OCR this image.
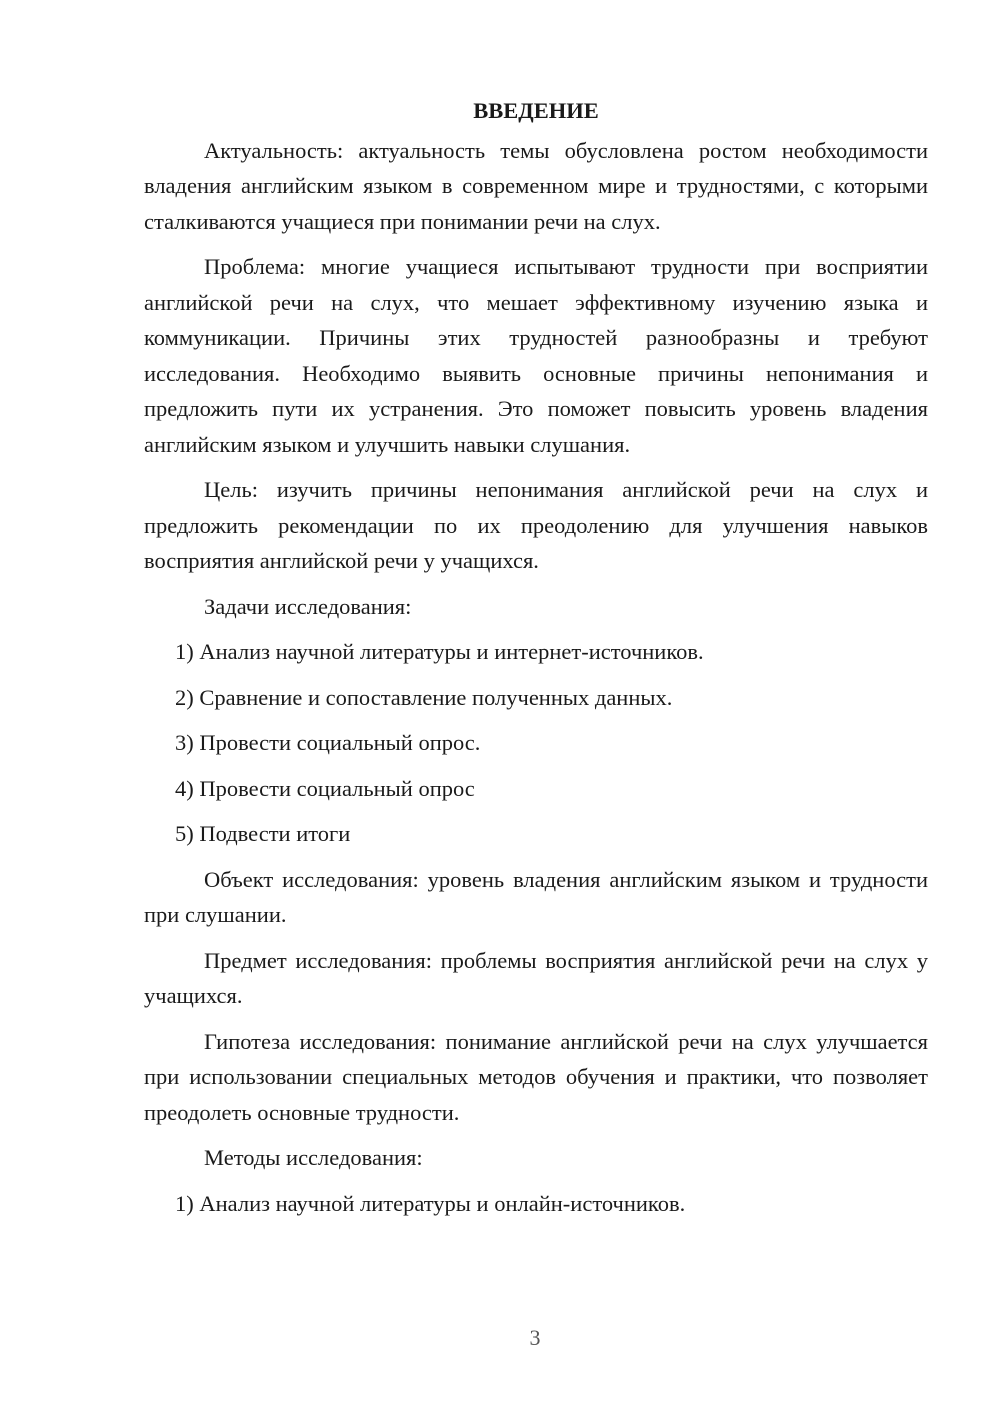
ВВЕДЕНИЕ

Актуальность: актуальность темы обусловлена ростом необходимости владения английским языком в современном мире и трудностями, с которыми сталкиваются учащиеся при понимании речи на слух.

Проблема: многие учащиеся испытывают трудности при восприятии английской речи на слух, что мешает эффективному изучению языка и коммуникации. Причины этих трудностей разнообразны и требуют исследования. Необходимо выявить основные причины непонимания и предложить пути их устранения. Это поможет повысить уровень владения английским языком и улучшить навыки слушания.

Цель: изучить причины непонимания английской речи на слух и предложить рекомендации по их преодолению для улучшения навыков восприятия английской речи у учащихся.

Задачи исследования:

1) Анализ научной литературы и интернет-источников.

2) Сравнение и сопоставление полученных данных.

3) Провести социальный опрос.

4) Провести социальный опрос

5) Подвести итоги

Объект исследования: уровень владения английским языком и трудности при слушании.

Предмет исследования: проблемы восприятия английской речи на слух у учащихся.

Гипотеза исследования: понимание английской речи на слух улучшается при использовании специальных методов обучения и практики, что позволяет преодолеть основные трудности.

Методы исследования:

1) Анализ научной литературы и онлайн-источников.

3
